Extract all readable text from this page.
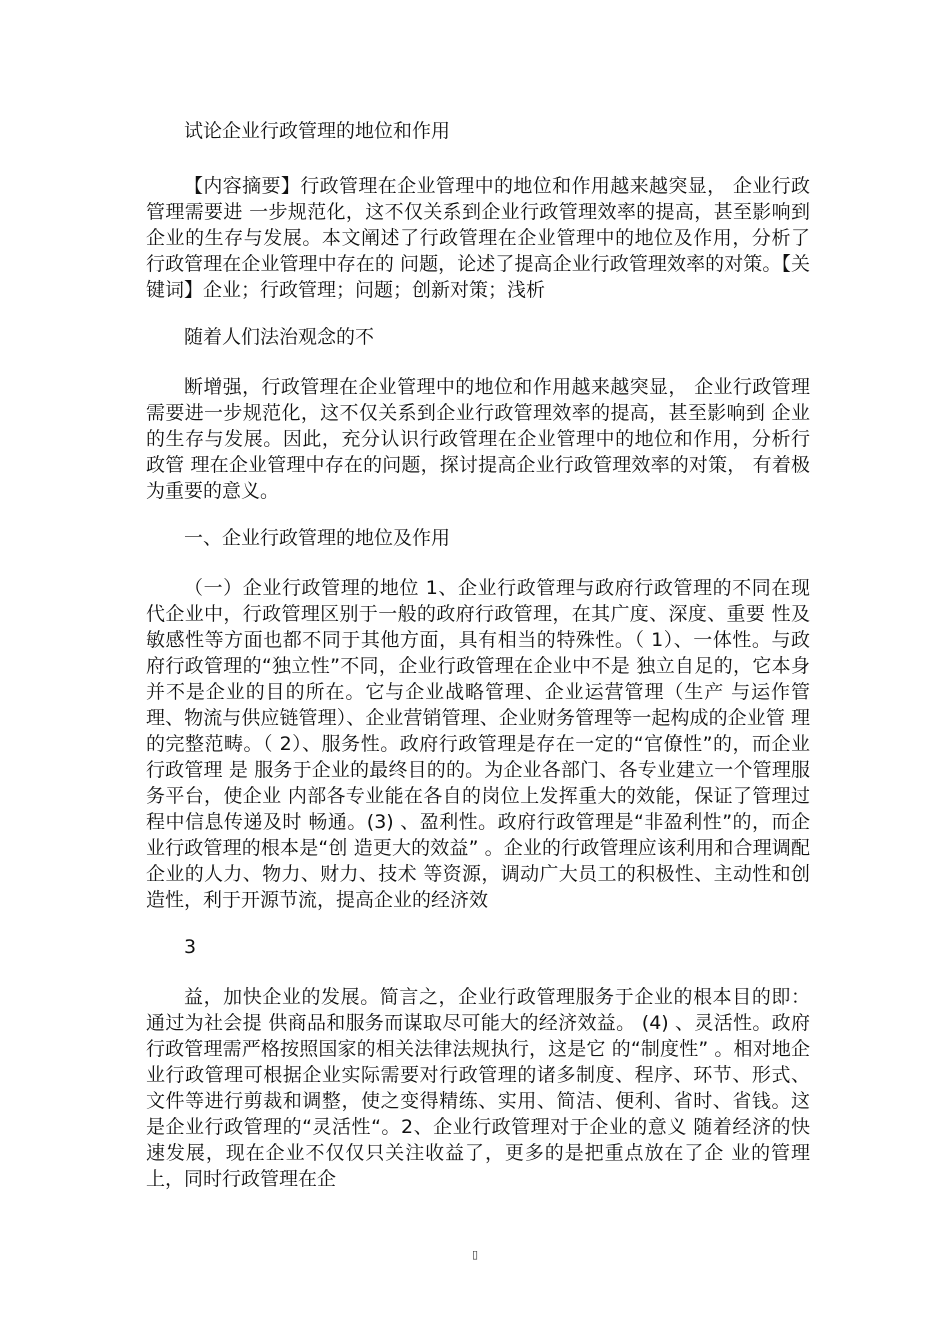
试论企业行政管理的地位和作用

【内容摘要】行政管理在企业管理中的地位和作用越来越突显， 企业行政管理需要进 一步规范化，这不仅关系到企业行政管理效率的提高，甚至影响到企业的生存与发展。本文阐述了行政管理在企业管理中的地位及作用，分析了行政管理在企业管理中存在的 问题，论述了提高企业行政管理效率的对策。【关键词】企业；行政管理；问题；创新对策；浅析

随着人们法治观念的不

断增强，行政管理在企业管理中的地位和作用越来越突显， 企业行政管理需要进一步规范化，这不仅关系到企业行政管理效率的提高，甚至影响到 企业的生存与发展。因此，充分认识行政管理在企业管理中的地位和作用，分析行政管 理在企业管理中存在的问题，探讨提高企业行政管理效率的对策， 有着极为重要的意义。

一、企业行政管理的地位及作用

（一）企业行政管理的地位 1、企业行政管理与政府行政管理的不同在现代企业中，行政管理区别于一般的政府行政管理，在其广度、深度、重要 性及敏感性等方面也都不同于其他方面，具有相当的特殊性。（ 1）、一体性。与政府行政管理的“独立性”不同，企业行政管理在企业中不是 独立自足的，它本身并不是企业的目的所在。它与企业战略管理、企业运营管理（生产 与运作管理、物流与供应链管理）、企业营销管理、企业财务管理等一起构成的企业管 理的完整范畴。（ 2）、服务性。政府行政管理是存在一定的“官僚性”的，而企业行政管理 是 服务于企业的最终目的的。为企业各部门、各专业建立一个管理服务平台，使企业 内部各专业能在各自的岗位上发挥重大的效能，保证了管理过程中信息传递及时 畅通。(3) 、盈利性。政府行政管理是“非盈利性”的，而企业行政管理的根本是“创 造更大的效益” 。企业的行政管理应该利用和合理调配企业的人力、物力、财力、技术 等资源，调动广大员工的积极性、主动性和创造性，利于开源节流，提高企业的经济效

3

益，加快企业的发展。简言之，企业行政管理服务于企业的根本目的即：通过为社会提 供商品和服务而谋取尽可能大的经济效益。 (4) 、灵活性。政府行政管理需严格按照国家的相关法律法规执行，这是它 的“制度性” 。相对地企业行政管理可根据企业实际需要对行政管理的诸多制度、程序、环节、形式、文件等进行剪裁和调整，使之变得精练、实用、简洁、便利、省时、省钱。这是企业行政管理的“灵活性“。2、企业行政管理对于企业的意义 随着经济的快速发展，现在企业不仅仅只关注收益了，更多的是把重点放在了企 业的管理上，同时行政管理在企

▯
